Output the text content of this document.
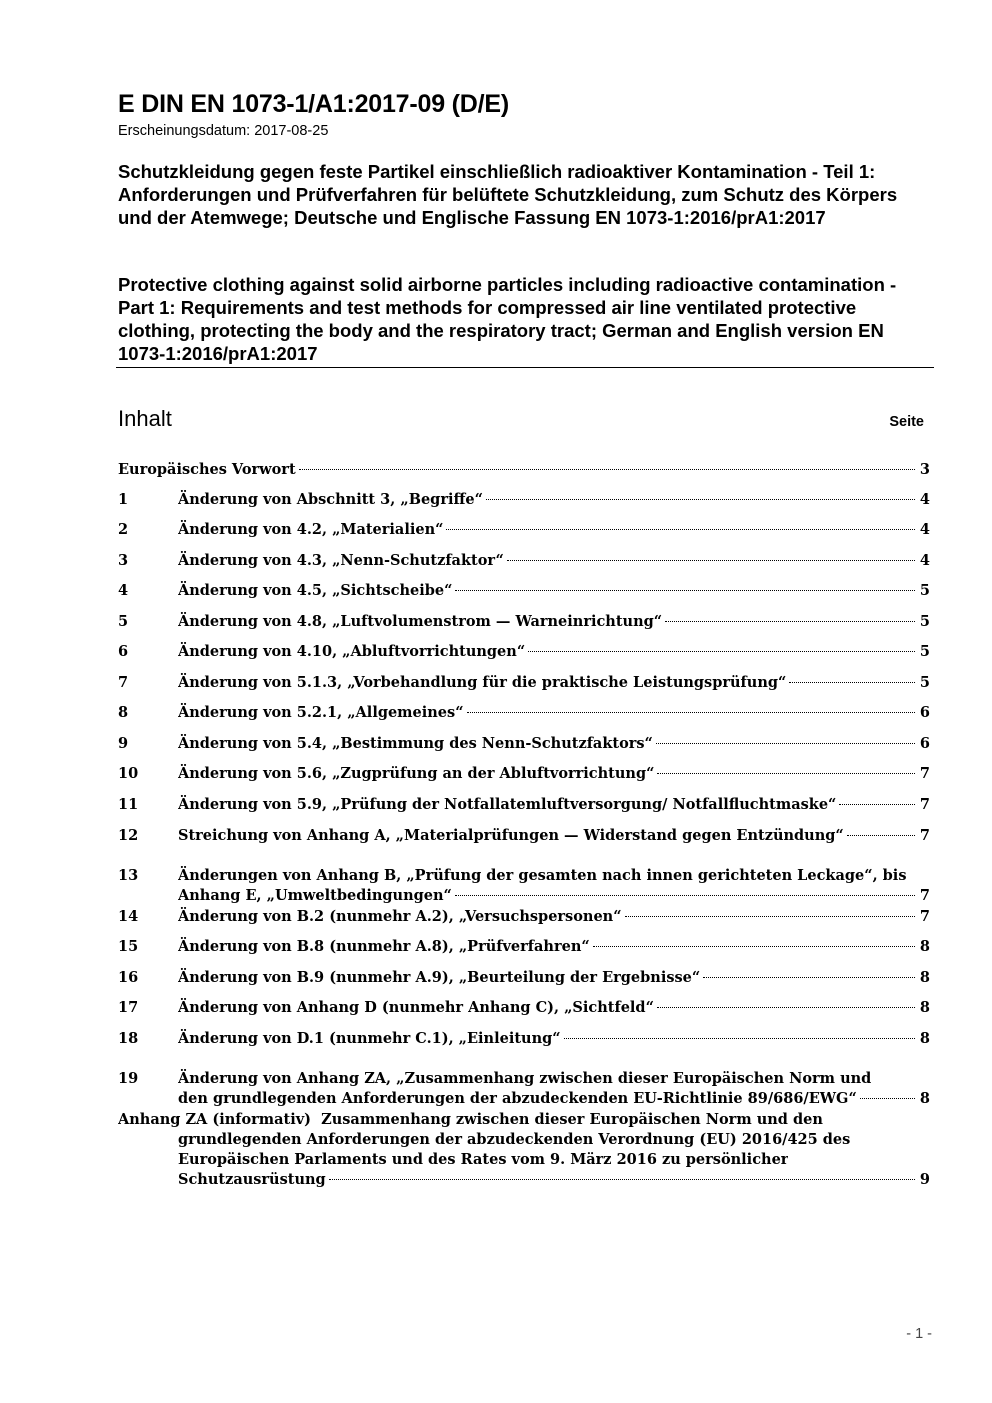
E DIN EN 1073-1/A1:2017-09 (D/E)
Erscheinungsdatum: 2017-08-25
Schutzkleidung gegen feste Partikel einschließlich radioaktiver Kontamination - Teil 1: Anforderungen und Prüfverfahren für belüftete Schutzkleidung, zum Schutz des Körpers und der Atemwege; Deutsche und Englische Fassung EN 1073-1:2016/prA1:2017
Protective clothing against solid airborne particles including radioactive contamination - Part 1: Requirements and test methods for compressed air line ventilated protective clothing, protecting the body and the respiratory tract; German and English version EN 1073-1:2016/prA1:2017
Inhalt	Seite
Europäisches Vorwort	3
1	Änderung von Abschnitt 3, „Begriffe“	4
2	Änderung von 4.2, „Materialien“	4
3	Änderung von 4.3, „Nenn-Schutzfaktor“	4
4	Änderung von 4.5, „Sichtscheibe“	5
5	Änderung von 4.8, „Luftvolumenstrom — Warneinrichtung“	5
6	Änderung von 4.10, „Abluftvorrichtungen“	5
7	Änderung von 5.1.3, „Vorbehandlung für die praktische Leistungsprüfung“	5
8	Änderung von 5.2.1, „Allgemeines“	6
9	Änderung von 5.4, „Bestimmung des Nenn-Schutzfaktors“	6
10	Änderung von 5.6, „Zugprüfung an der Abluftvorrichtung“	7
11	Änderung von 5.9, „Prüfung der Notfallatemluftversorgung/ Notfallfluchtmaske“	7
12	Streichung von Anhang A, „Materialprüfungen — Widerstand gegen Entzündung“	7
13	Änderungen von Anhang B, „Prüfung der gesamten nach innen gerichteten Leckage“, bis
Anhang E, „Umweltbedingungen“	7
14	Änderung von B.2 (nunmehr A.2), „Versuchspersonen“	7
15	Änderung von B.8 (nunmehr A.8), „Prüfverfahren“	8
16	Änderung von B.9 (nunmehr A.9), „Beurteilung der Ergebnisse“	8
17	Änderung von Anhang D (nunmehr Anhang C), „Sichtfeld“	8
18	Änderung von D.1 (nunmehr C.1), „Einleitung“	8
19	Änderung von Anhang ZA, „Zusammenhang zwischen dieser Europäischen Norm und
den grundlegenden Anforderungen der abzudeckenden EU-Richtlinie 89/686/EWG“	8
Anhang ZA (informativ)  Zusammenhang zwischen dieser Europäischen Norm und den
grundlegenden Anforderungen der abzudeckenden Verordnung (EU) 2016/425 des
Europäischen Parlaments und des Rates vom 9. März 2016 zu persönlicher
Schutzausrüstung	9
- 1 -
